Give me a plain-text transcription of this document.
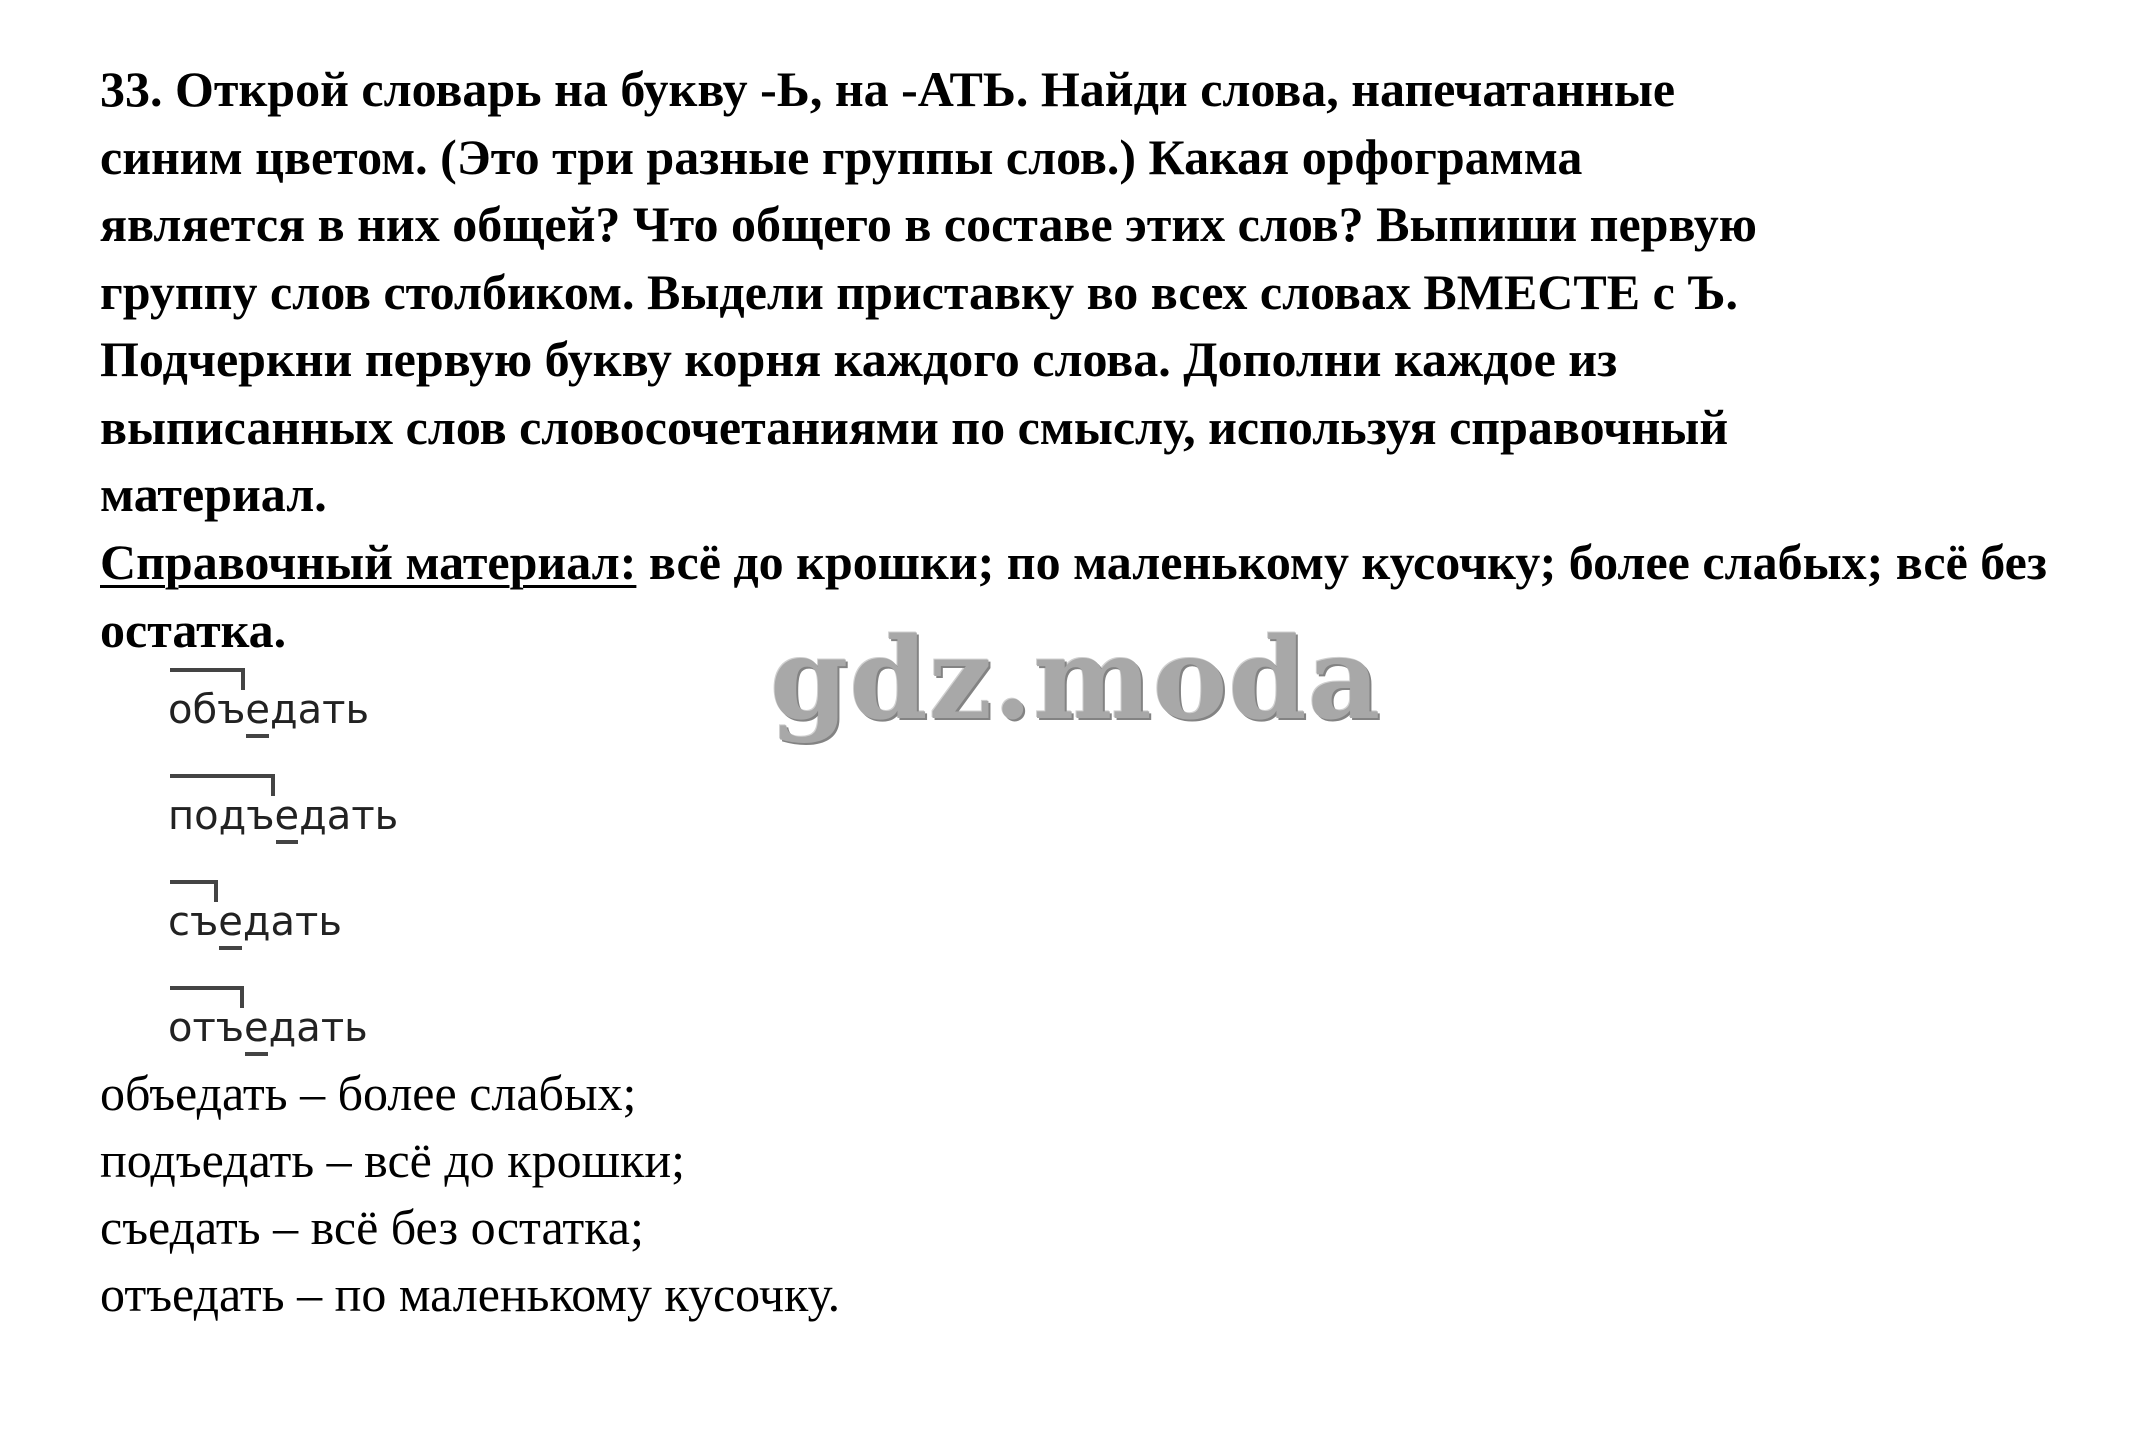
33. Открой словарь на букву -Ь, на -АТЬ. Найди слова, напечатанные
синим цветом. (Это три разные группы слов.) Какая орфограмма
является в них общей? Что общего в составе этих слов? Выпиши первую
группу слов столбиком. Выдели приставку во всех словах ВМЕСТЕ с Ъ.
Подчеркни первую букву корня каждого слова. Дополни каждое из
выписанных слов словосочетаниями по смыслу, используя справочный
материал.

Справочный материал: всё до крошки; по маленькому кусочку; более слабых; всё без остатка.	gdz.moda
объедать
подъедать
съедать
отъедать
объедать – более слабых;
подъедать – всё до крошки;
съедать – всё без остатка;
отъедать – по маленькому кусочку.
